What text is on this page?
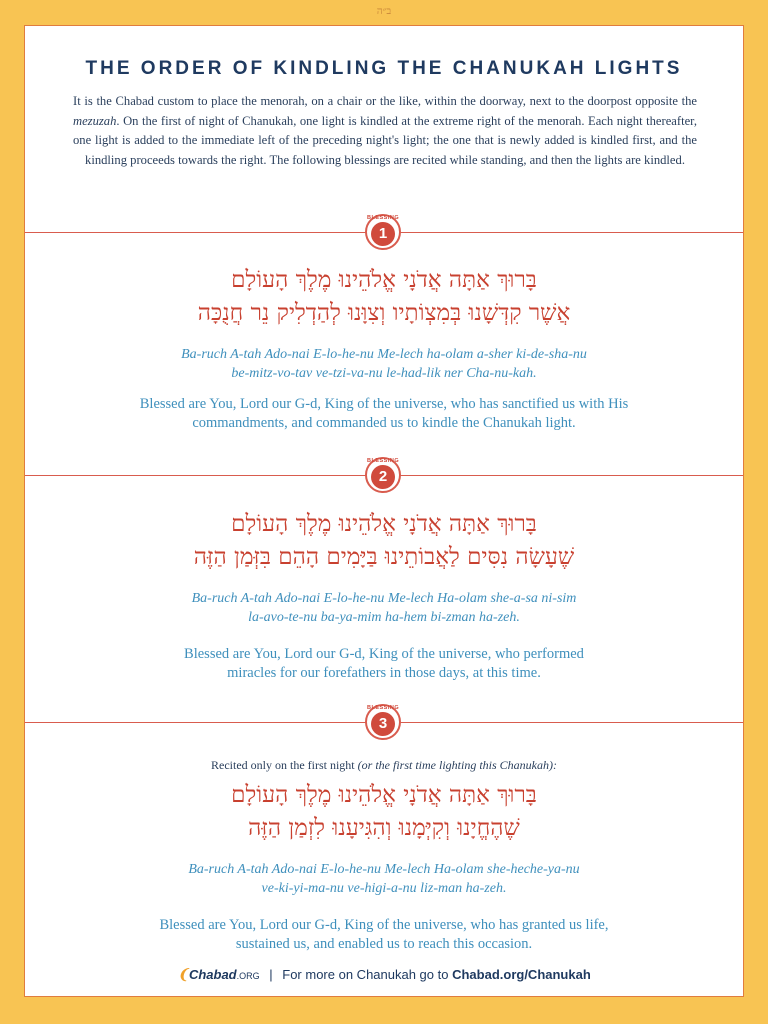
ב״ה
THE ORDER OF KINDLING THE CHANUKAH LIGHTS
It is the Chabad custom to place the menorah, on a chair or the like, within the doorway, next to the doorpost opposite the mezuzah. On the first of night of Chanukah, one light is kindled at the extreme right of the menorah. Each night thereafter, one light is added to the immediate left of the preceding night's light; the one that is newly added is kindled first, and the kindling proceeds towards the right. The following blessings are recited while standing, and then the lights are kindled.
BLESSING
1
בָּרוּךְ אַתָּה אֲדֹנָי אֱלֹהֵינוּ מֶלֶךְ הָעוֹלָם
אֲשֶׁר קִדְּשָׁנוּ בְּמִצְוֹתָיו וְצִוָּנוּ לְהַדְלִיק נֵר חֲנֻכָּה
Ba-ruch A-tah Ado-nai E-lo-he-nu Me-lech ha-olam a-sher ki-de-sha-nu
be-mitz-vo-tav ve-tzi-va-nu le-had-lik ner Cha-nu-kah.
Blessed are You, Lord our G-d, King of the universe, who has sanctified us with His
commandments, and commanded us to kindle the Chanukah light.
BLESSING
2
בָּרוּךְ אַתָּה אֲדֹנָי אֱלֹהֵינוּ מֶלֶךְ הָעוֹלָם
שֶׁעָשָׂה נִסִּים לַאֲבוֹתֵינוּ בַּיָּמִים הָהֵם בִּזְּמַן הַזֶּה
Ba-ruch A-tah Ado-nai E-lo-he-nu Me-lech Ha-olam she-a-sa ni-sim
la-avo-te-nu ba-ya-mim ha-hem bi-zman ha-zeh.
Blessed are You, Lord our G-d, King of the universe, who performed
miracles for our forefathers in those days, at this time.
BLESSING
3
Recited only on the first night (or the first time lighting this Chanukah):
בָּרוּךְ אַתָּה אֲדֹנָי אֱלֹהֵינוּ מֶלֶךְ הָעוֹלָם
שֶׁהֶחֱיָנוּ וְקִיְּמָנוּ וְהִגִּיעָנוּ לִזְמַן הַזֶּה
Ba-ruch A-tah Ado-nai E-lo-he-nu Me-lech Ha-olam she-heche-ya-nu
ve-ki-yi-ma-nu ve-higi-a-nu liz-man ha-zeh.
Blessed are You, Lord our G-d, King of the universe, who has granted us life,
sustained us, and enabled us to reach this occasion.
❨Chabad.ORG | For more on Chanukah go to Chabad.org/Chanukah
